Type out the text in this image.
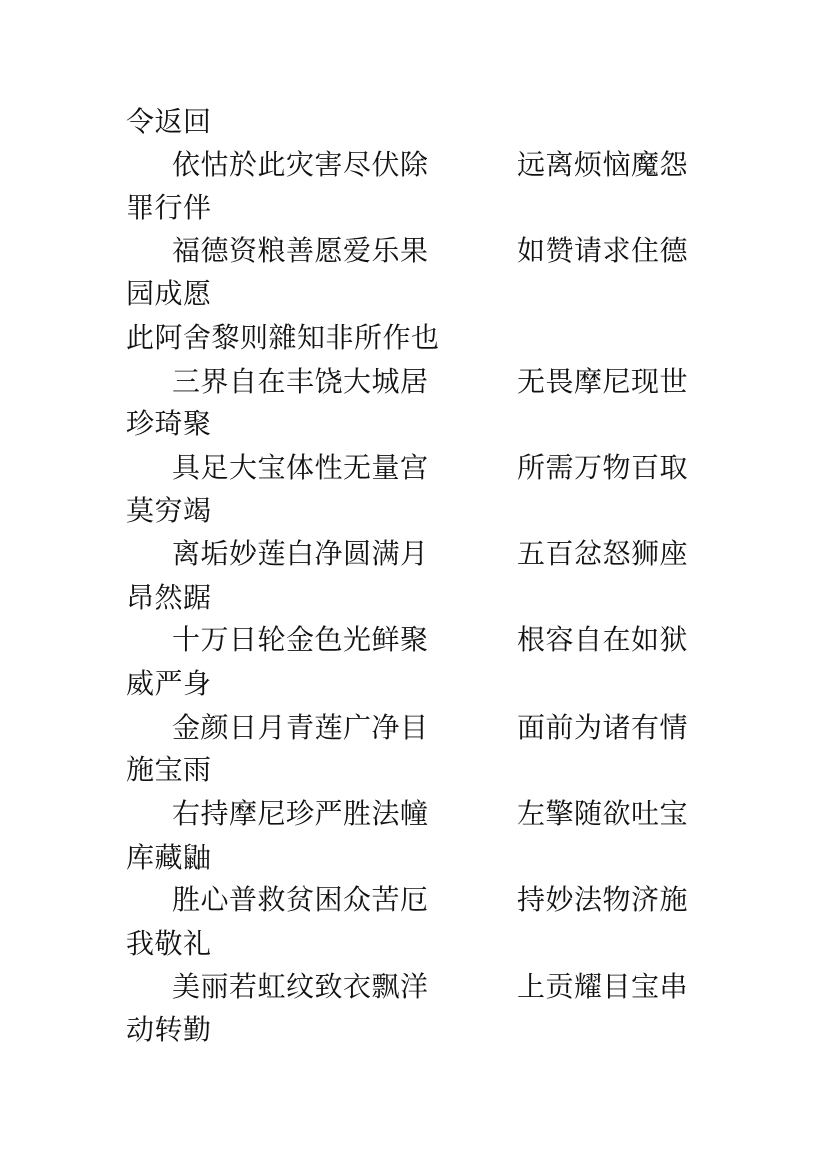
令返回
依怙於此灾害尽伏除	远离烦恼魔怨
罪行伴
福德资粮善愿爱乐果	如赞请求住德
园成愿
此阿舍黎则雜知非所作也
三界自在丰饶大城居	无畏摩尼现世
珍琦聚
具足大宝体性无量宫	所需万物百取
莫穷竭
离垢妙莲白净圆满月	五百忿怒狮座
昂然踞
十万日轮金色光鲜聚	根容自在如狱
威严身
金颜日月青莲广净目	面前为诸有情
施宝雨
右持摩尼珍严胜法幢	左擎随欲吐宝
库藏鼬
胜心普救贫困众苦厄	持妙法物济施
我敬礼
美丽若虹纹致衣飘洋	上贡耀目宝串
动转勤
